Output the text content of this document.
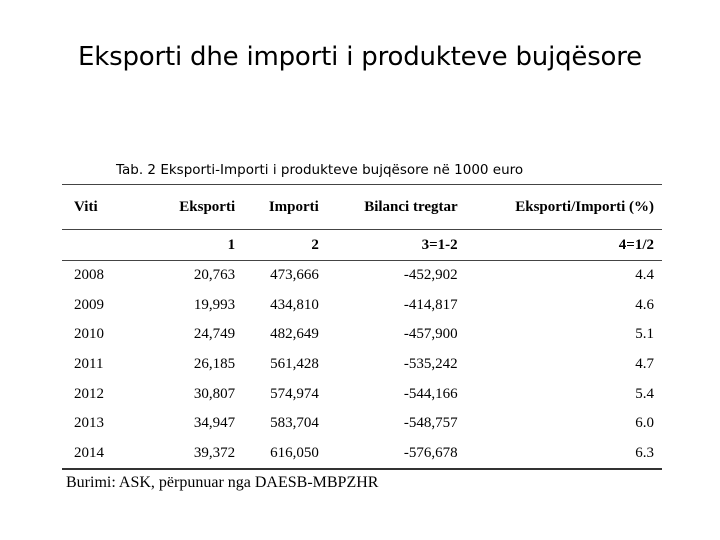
Eksporti dhe importi i produkteve bujqësore
Tab. 2 Eksporti-Importi i produkteve bujqësore në 1000 euro
Viti	Eksporti	Importi	Bilanci tregtar	Eksporti/Importi (%)
	1	2	3=1-2	4=1/2
2008	20,763	473,666	-452,902	4.4
2009	19,993	434,810	-414,817	4.6
2010	24,749	482,649	-457,900	5.1
2011	26,185	561,428	-535,242	4.7
2012	30,807	574,974	-544,166	5.4
2013	34,947	583,704	-548,757	6.0
2014	39,372	616,050	-576,678	6.3
Burimi: ASK, përpunuar nga DAESB-MBPZHR
